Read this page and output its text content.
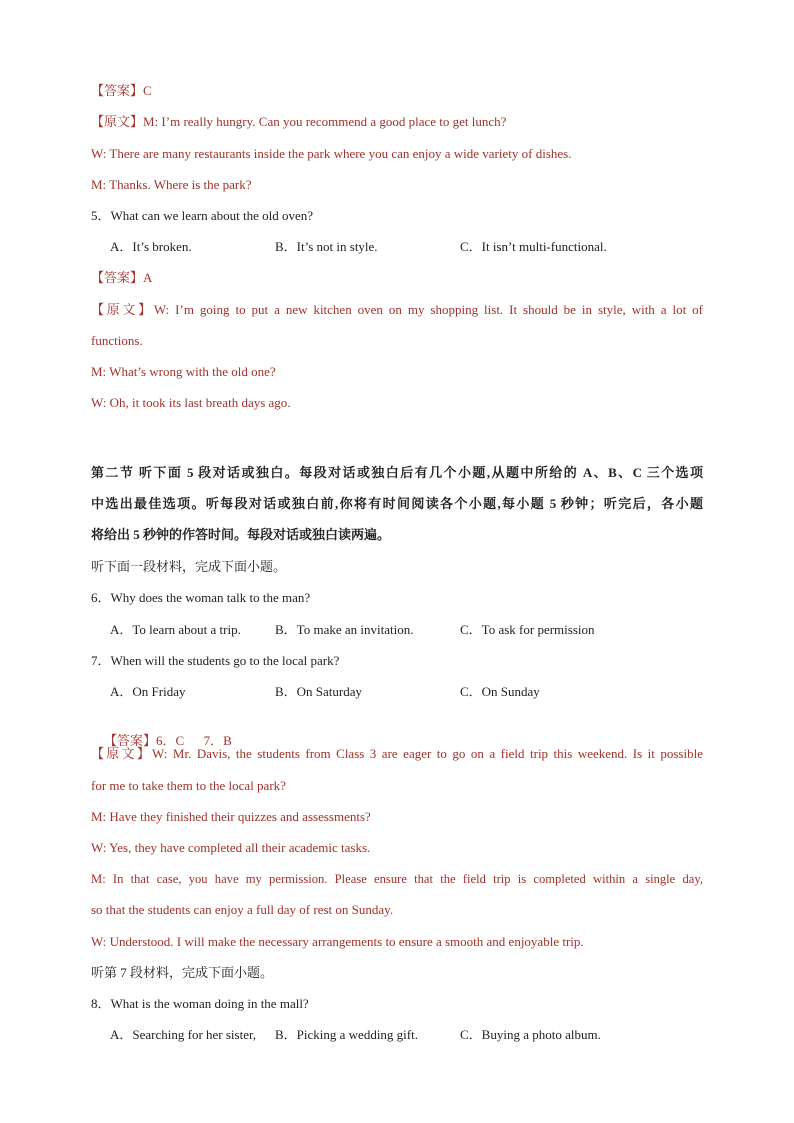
【答案】C
【原文】M: I’m really hungry. Can you recommend a good place to get lunch?
W: There are many restaurants inside the park where you can enjoy a wide variety of dishes.
M: Thanks. Where is the park?
5．What can we learn about the old oven?
A．It’s broken.	B．It’s not in style.	C．It isn’t multi-functional.
【答案】A
【原文】W: I’m going to put a new kitchen oven on my shopping list. It should be in style, with a lot of
functions.
M: What’s wrong with the old one?
W: Oh, it took its last breath days ago.
第二节 听下面 5 段对话或独白。每段对话或独白后有几个小题,从题中所给的 A、B、C 三个选项
中选出最佳选项。听每段对话或独白前,你将有时间阅读各个小题,每小题 5 秒钟；听完后，各小题
将给出 5 秒钟的作答时间。每段对话或独白读两遍。
听下面一段材料，完成下面小题。
6．Why does the woman talk to the man?
A．To learn about a trip.	B．To make an invitation.	C．To ask for permission
7．When will the students go to the local park?
A．On Friday	B．On Saturday	C．On Sunday

【答案】6．C      7．B

【原文】W: Mr. Davis, the students from Class 3 are eager to go on a field trip this weekend. Is it possible
for me to take them to the local park?
M: Have they finished their quizzes and assessments?
W: Yes, they have completed all their academic tasks.
M: In that case, you have my permission. Please ensure that the field trip is completed within a single day,
so that the students can enjoy a full day of rest on Sunday.
W: Understood. I will make the necessary arrangements to ensure a smooth and enjoyable trip.
听第 7 段材料，完成下面小题。
8．What is the woman doing in the mall?
A．Searching for her sister, B．Picking a wedding gift.	C．Buying a photo album.
